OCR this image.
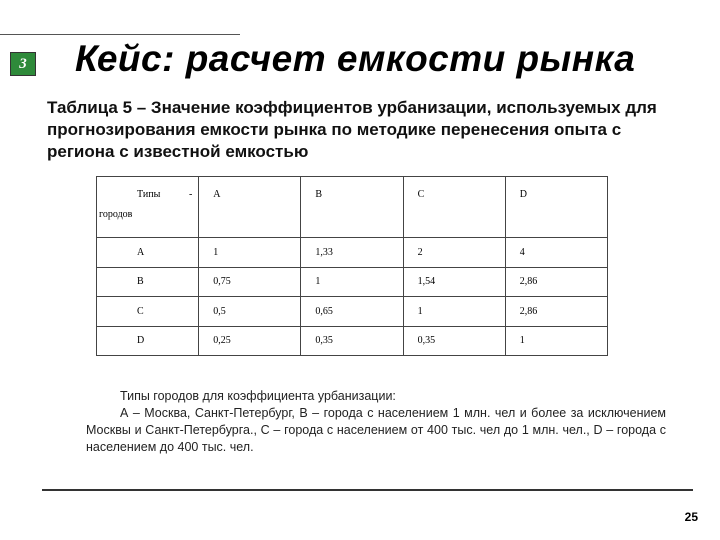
3 Кейс: расчет емкости рынка
Таблица 5 – Значение коэффициентов урбанизации, используемых для прогнозирования емкости рынка по методике перенесения опыта с региона с известной емкостью
Типы -
городов	A	B	C	D
A	1	1,33	2	4
B	0,75	1	1,54	2,86
C	0,5	0,65	1	2,86
D	0,25	0,35	0,35	1
Типы городов для коэффициента урбанизации:
А – Москва, Санкт-Петербург, В – города с населением 1 млн. чел и более за исключением Москвы и Санкт-Петербурга., С – города с населением от 400 тыс. чел до 1 млн. чел., D – города с населением до 400 тыс. чел.
25
